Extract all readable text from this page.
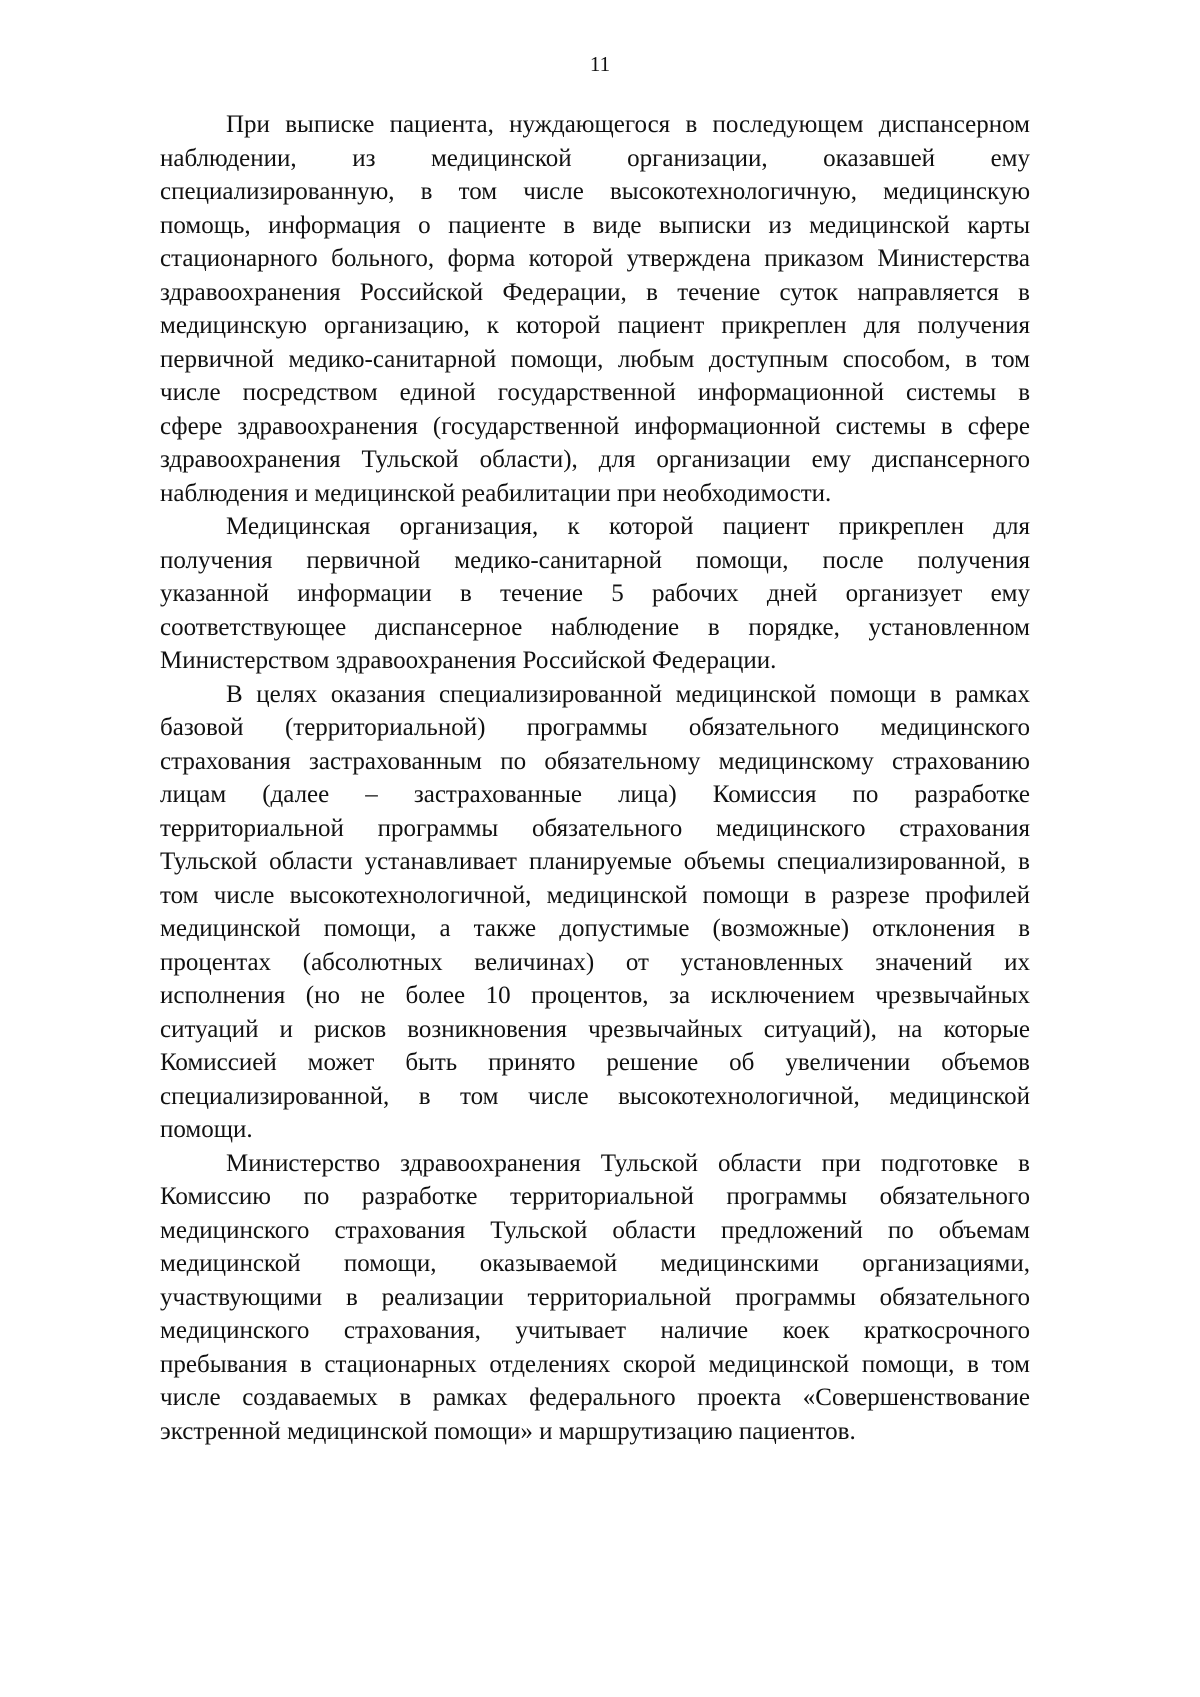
11
При выписке пациента, нуждающегося в последующем диспансерном
наблюдении, из медицинской организации, оказавшей ему
специализированную, в том числе высокотехнологичную, медицинскую
помощь, информация о пациенте в виде выписки из медицинской карты
стационарного больного, форма которой утверждена приказом Министерства
здравоохранения Российской Федерации, в течение суток направляется в
медицинскую организацию, к которой пациент прикреплен для получения
первичной медико-санитарной помощи, любым доступным способом, в том
числе посредством единой государственной информационной системы в
сфере здравоохранения (государственной информационной системы в сфере
здравоохранения Тульской области), для организации ему диспансерного
наблюдения и медицинской реабилитации при необходимости.
Медицинская организация, к которой пациент прикреплен для
получения первичной медико-санитарной помощи, после получения
указанной информации в течение 5 рабочих дней организует ему
соответствующее диспансерное наблюдение в порядке, установленном
Министерством здравоохранения Российской Федерации.
В целях оказания специализированной медицинской помощи в рамках
базовой (территориальной) программы обязательного медицинского
страхования застрахованным по обязательному медицинскому страхованию
лицам (далее – застрахованные лица) Комиссия по разработке
территориальной программы обязательного медицинского страхования
Тульской области устанавливает планируемые объемы специализированной, в
том числе высокотехнологичной, медицинской помощи в разрезе профилей
медицинской помощи, а также допустимые (возможные) отклонения в
процентах (абсолютных величинах) от установленных значений их
исполнения (но не более 10 процентов, за исключением чрезвычайных
ситуаций и рисков возникновения чрезвычайных ситуаций), на которые
Комиссией может быть принято решение об увеличении объемов
специализированной, в том числе высокотехнологичной, медицинской
помощи.
Министерство здравоохранения Тульской области при подготовке в
Комиссию по разработке территориальной программы обязательного
медицинского страхования Тульской области предложений по объемам
медицинской помощи, оказываемой медицинскими организациями,
участвующими в реализации территориальной программы обязательного
медицинского страхования, учитывает наличие коек краткосрочного
пребывания в стационарных отделениях скорой медицинской помощи, в том
числе создаваемых в рамках федерального проекта «Совершенствование
экстренной медицинской помощи» и маршрутизацию пациентов.
